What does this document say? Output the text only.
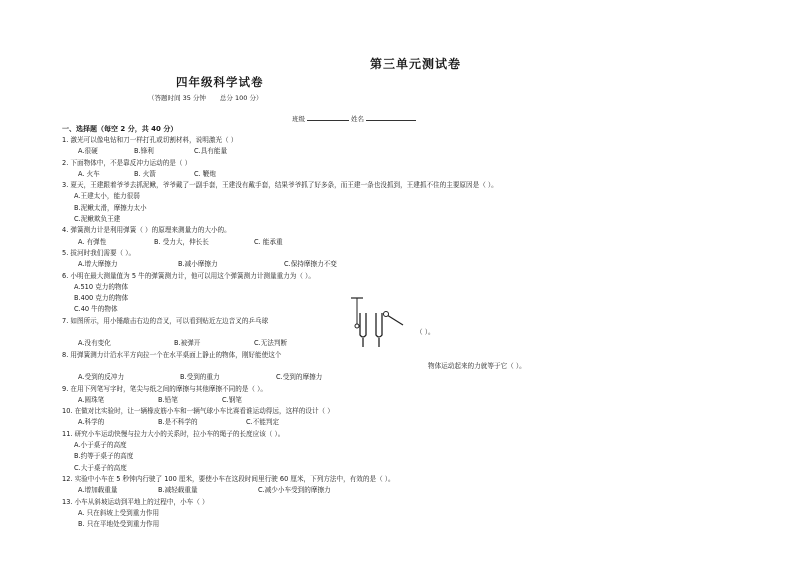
第三单元测试卷
四年级科学试卷
（答题时间 35 分钟 总分 100 分）
班级	姓名
一、选择题（每空 2 分，共 40 分）
1. 激光可以像电钻和刀一样打孔或切割材料，说明激光（ ）
A.很硬	B.锋利	C.具有能量
2. 下面物体中，不是靠反冲力运动的是（ ）
A. 火车	B. 火箭	C. 鞭炮
3. 夏天，王建跟着爷爷去抓泥鳅，爷爷戴了一副手套，王建没有戴手套，结果爷爷抓了好多条，而王建一条也没抓到，王建抓不住的主要原因是（ ）。
A.王建太小，能力很弱
B.泥鳅太滑，摩擦力太小
C.泥鳅欺负王建
4. 弹簧测力计是利用弹簧（ ）的原理来测量力的大小的。
A. 有弹性	B. 受力大，伸长长	C. 能承重
5. 拔河时我们需要（ ）。
A.增大摩擦力	B.减小摩擦力	C.保持摩擦力不变
6. 小明在最大测量值为 5 牛的弹簧测力计，他可以用这个弹簧测力计测量重力为（ ）。
A.510 克力的物体
B.400 克力的物体
C.40 牛的物体
7. 如图所示，用小锤敲击右边的音叉，可以看到贴近左边音叉的乒乓球
（ ）。
A.没有变化	B.被弹开	C.无法判断
8. 用弹簧测力计沿水平方向拉一个在水平桌面上静止的物体，刚好能使这个
物体运动起来的力就等于它（ ）。
A.受到的反冲力	B.受到的重力	C.受到的摩擦力
9. 在用下列笔写字时，笔尖与纸之间的摩擦与其他摩擦不同的是（ ）。
A.圆珠笔	B.铅笔	C.钢笔
10. 在做对比实验时，让一辆橡皮筋小车和一辆气球小车比赛看谁运动得远，这样的设计（ ）
A.科学的	B.是不科学的	C.不能判定
11. 研究小车运动快慢与拉力大小的关系时，拉小车的绳子的长度应该（ ）。
A.小于桌子的高度
B.约等于桌子的高度
C.大于桌子的高度
12. 实验中小车在 5 秒钟内行驶了 100 厘米，要使小车在这段时间里行驶 60 厘米，下列方法中，有效的是（ ）。
A.增加载重量	B.减轻载重量	C.减少小车受到的摩擦力
13. 小车从斜坡运动到平地上的过程中，小车（ ）
A. 只在斜坡上受到重力作用
B. 只在平地处受到重力作用
